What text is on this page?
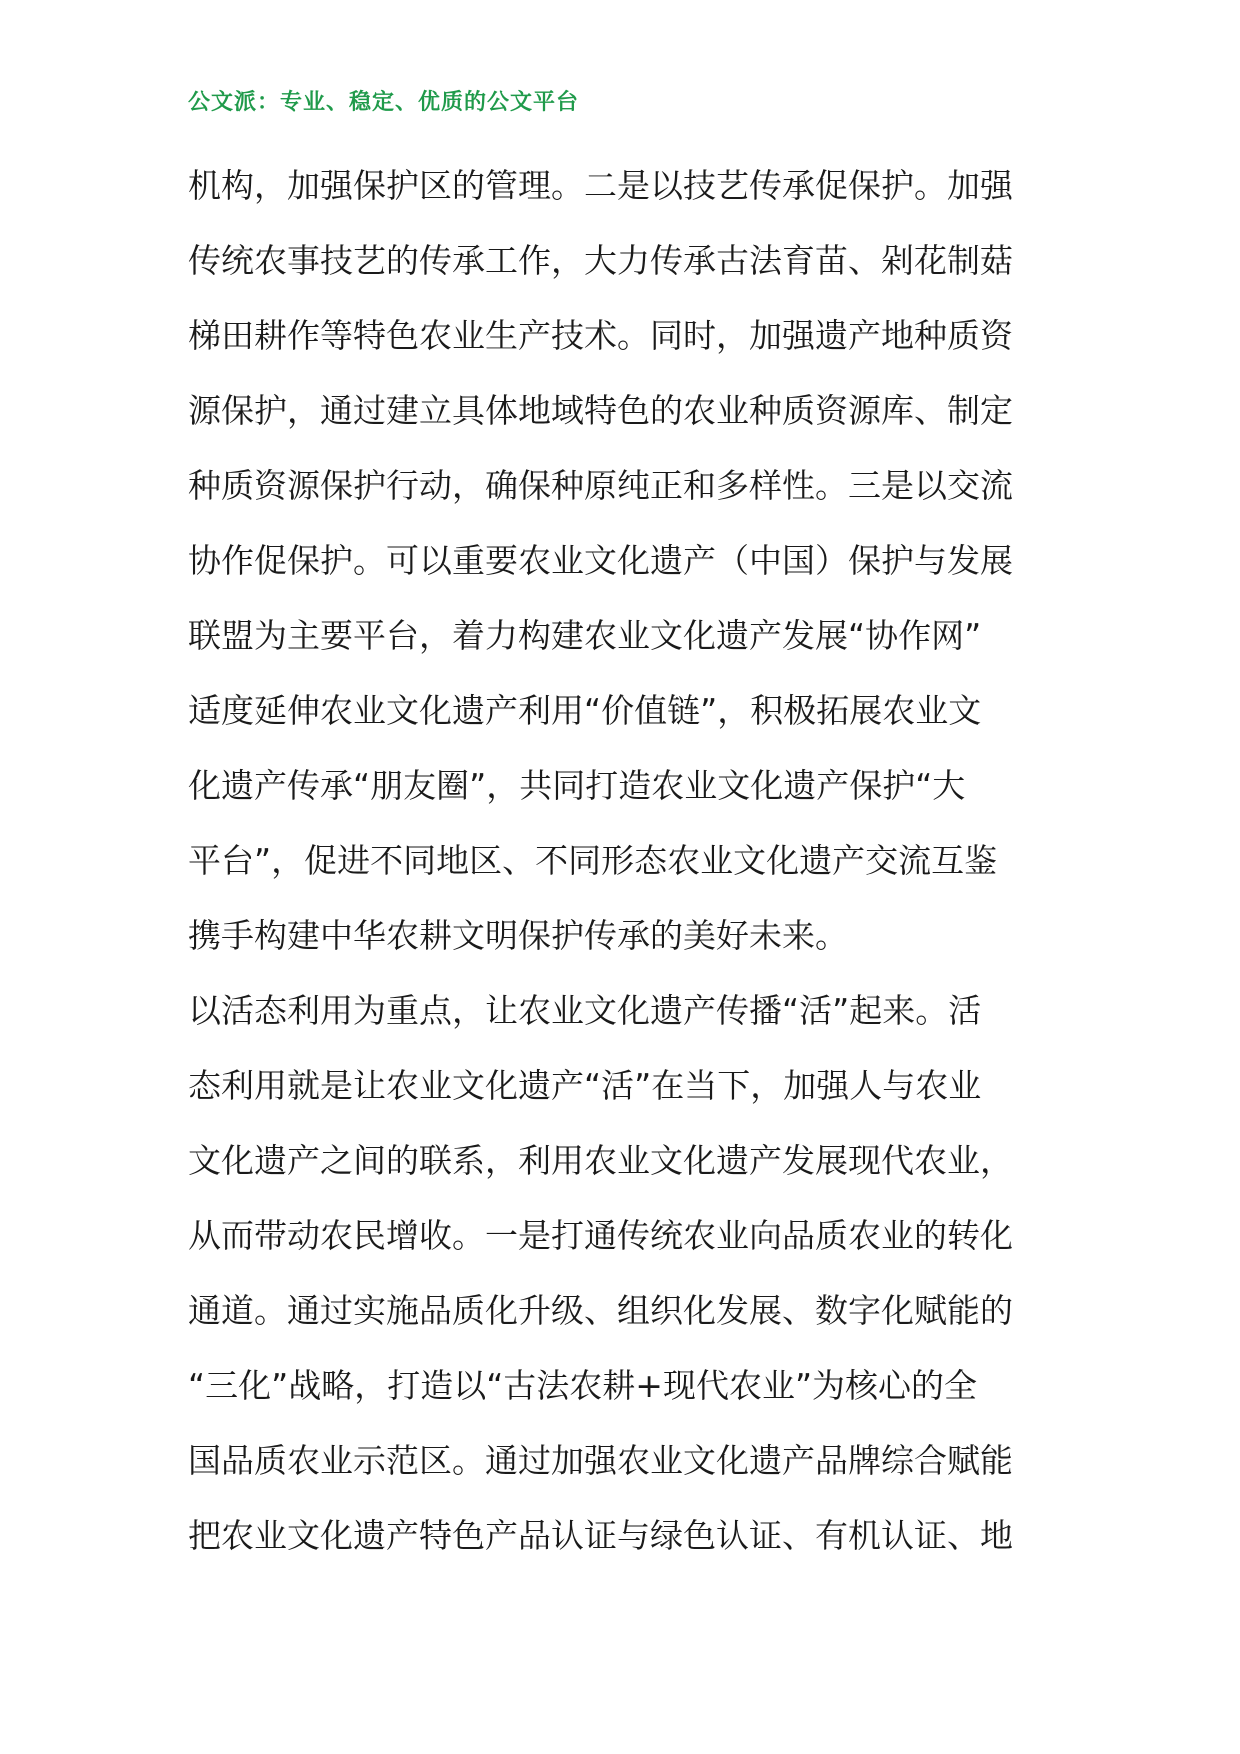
公文派：专业、稳定、优质的公文平台
机构，加强保护区的管理。二是以技艺传承促保护。加强
传统农事技艺的传承工作，大力传承古法育苗、剁花制菇
梯田耕作等特色农业生产技术。同时，加强遗产地种质资
源保护，通过建立具体地域特色的农业种质资源库、制定
种质资源保护行动，确保种原纯正和多样性。三是以交流
协作促保护。可以重要农业文化遗产（中国）保护与发展
联盟为主要平台，着力构建农业文化遗产发展“协作网”
适度延伸农业文化遗产利用“价值链”，积极拓展农业文
化遗产传承“朋友圈”，共同打造农业文化遗产保护“大
平台”，促进不同地区、不同形态农业文化遗产交流互鉴
携手构建中华农耕文明保护传承的美好未来。
以活态利用为重点，让农业文化遗产传播“活”起来。活
态利用就是让农业文化遗产“活”在当下，加强人与农业
文化遗产之间的联系，利用农业文化遗产发展现代农业，
从而带动农民增收。一是打通传统农业向品质农业的转化
通道。通过实施品质化升级、组织化发展、数字化赋能的
“三化”战略，打造以“古法农耕+现代农业”为核心的全
国品质农业示范区。通过加强农业文化遗产品牌综合赋能
把农业文化遗产特色产品认证与绿色认证、有机认证、地
